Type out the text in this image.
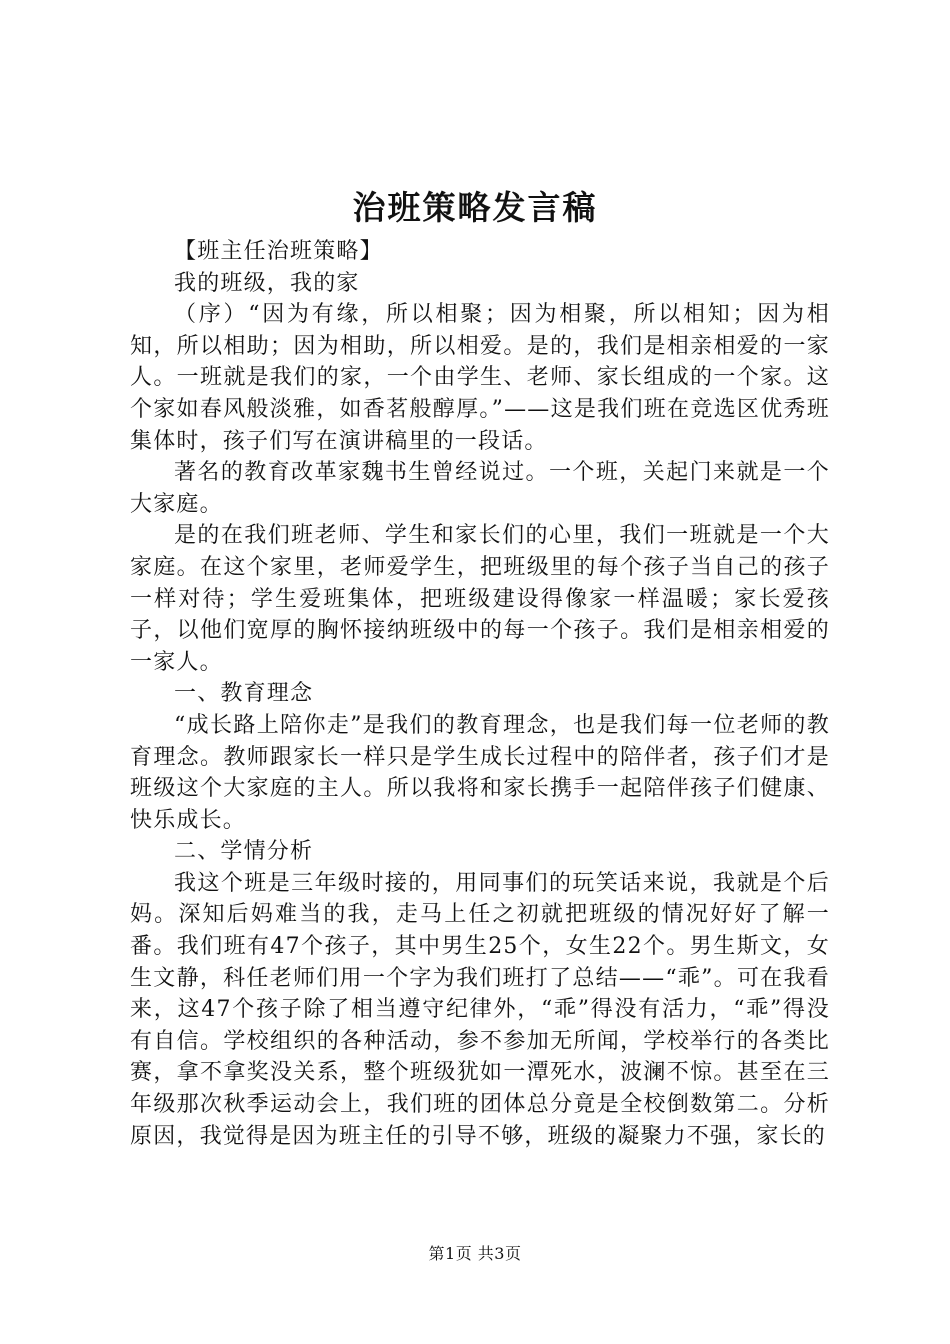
治班策略发言稿

【班主任治班策略】

我的班级，我的家

（序）“因为有缘，所以相聚；因为相聚，所以相知；因为相知，所以相助；因为相助，所以相爱。是的，我们是相亲相爱的一家人。一班就是我们的家，一个由学生、老师、家长组成的一个家。这个家如春风般淡雅，如香茗般醇厚。”——这是我们班在竞选区优秀班集体时，孩子们写在演讲稿里的一段话。

著名的教育改革家魏书生曾经说过。一个班，关起门来就是一个大家庭。

是的在我们班老师、学生和家长们的心里，我们一班就是一个大家庭。在这个家里，老师爱学生，把班级里的每个孩子当自己的孩子一样对待；学生爱班集体，把班级建设得像家一样温暖；家长爱孩子，以他们宽厚的胸怀接纳班级中的每一个孩子。我们是相亲相爱的一家人。

一、教育理念

“成长路上陪你走”是我们的教育理念，也是我们每一位老师的教育理念。教师跟家长一样只是学生成长过程中的陪伴者，孩子们才是班级这个大家庭的主人。所以我将和家长携手一起陪伴孩子们健康、快乐成长。

二、学情分析

我这个班是三年级时接的，用同事们的玩笑话来说，我就是个后妈。深知后妈难当的我，走马上任之初就把班级的情况好好了解一番。我们班有47个孩子，其中男生25个，女生22个。男生斯文，女生文静，科任老师们用一个字为我们班打了总结——“乖”。可在我看来，这47个孩子除了相当遵守纪律外，“乖”得没有活力，“乖”得没有自信。学校组织的各种活动，参不参加无所闻，学校举行的各类比赛，拿不拿奖没关系，整个班级犹如一潭死水，波澜不惊。甚至在三年级那次秋季运动会上，我们班的团体总分竟是全校倒数第二。分析原因，我觉得是因为班主任的引导不够，班级的凝聚力不强，家长的

第1页 共3页
